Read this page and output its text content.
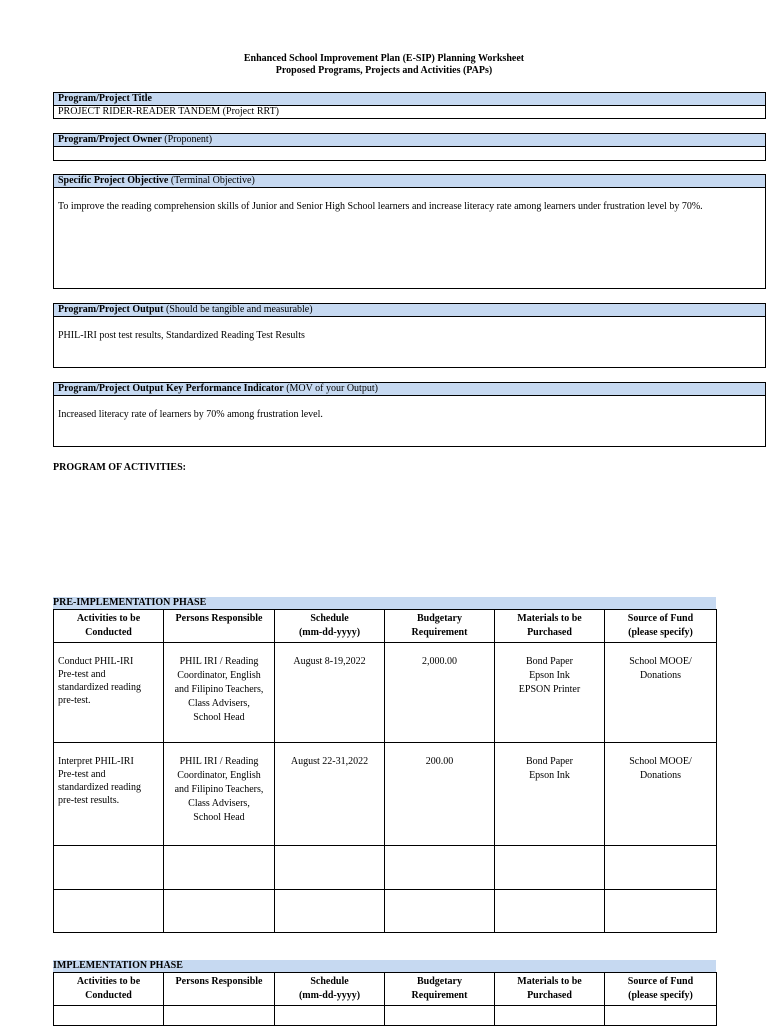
Enhanced School Improvement Plan (E-SIP) Planning Worksheet
Proposed Programs, Projects and Activities (PAPs)
Program/Project Title
PROJECT RIDER-READER TANDEM (Project RRT)
Program/Project Owner (Proponent)
Specific Project Objective (Terminal Objective)
To improve the reading comprehension skills of Junior and Senior High School learners and increase literacy rate among learners under frustration level by 70%.
Program/Project Output (Should be tangible and measurable)
PHIL-IRI post test results, Standardized Reading Test Results
Program/Project Output Key Performance Indicator (MOV of your Output)
Increased literacy rate of learners by 70% among frustration level.
PROGRAM OF ACTIVITIES:
PRE-IMPLEMENTATION PHASE
Activities to be
Conducted	Persons Responsible	Schedule
(mm-dd-yyyy)	Budgetary
Requirement	Materials to be
Purchased	Source of Fund
(please specify)
Conduct PHIL-IRI
Pre-test and
standardized reading
pre-test.	PHIL IRI / Reading
Coordinator, English
and Filipino Teachers,
Class Advisers,
School Head	August 8-19,2022	2,000.00	Bond Paper
Epson Ink
EPSON Printer	School MOOE/
Donations
Interpret PHIL-IRI
Pre-test and
standardized reading
pre-test results.	PHIL IRI / Reading
Coordinator, English
and Filipino Teachers,
Class Advisers,
School Head	August 22-31,2022	200.00	Bond Paper
Epson Ink	School MOOE/
Donations

IMPLEMENTATION PHASE
Activities to be
Conducted	Persons Responsible	Schedule
(mm-dd-yyyy)	Budgetary
Requirement	Materials to be
Purchased	Source of Fund
(please specify)
